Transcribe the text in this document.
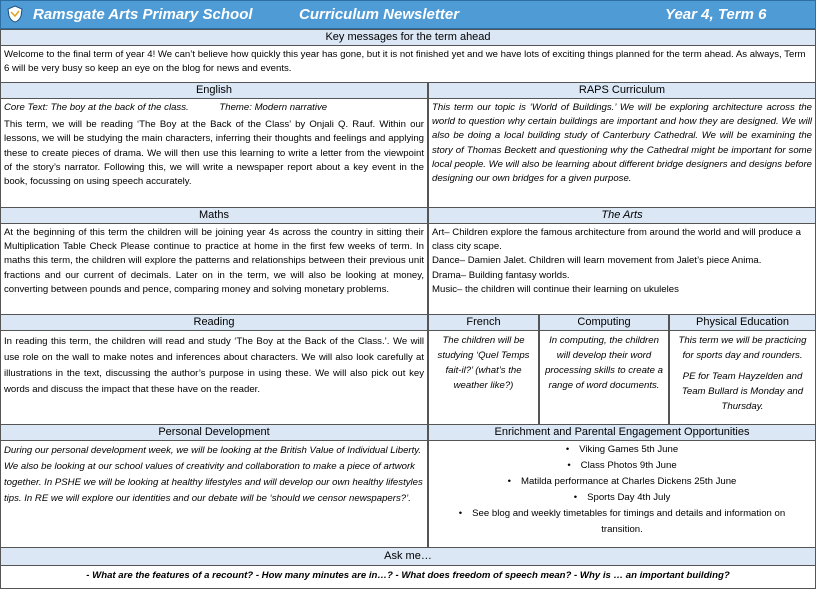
Ramsgate Arts Primary School	Curriculum Newsletter	Year 4, Term 6
Key messages for the term ahead
Welcome to the final term of year 4! We can’t believe how quickly this year has gone, but it is not finished yet and we have lots of exciting things planned for the term ahead. As always, Term 6 will be very busy so keep an eye on the blog for news and events.
English
Core Text: The boy at the back of the class.	Theme: Modern narrative
This term, we will be reading ‘The Boy at the Back of the Class’ by Onjali Q. Rauf. Within our lessons, we will be studying the main characters, inferring their thoughts and feelings and applying these to create pieces of drama. We will then use this learning to write a letter from the viewpoint of the story’s narrator. Following this, we will write a newspaper report about a key event in the book, focussing on using speech accurately.
RAPS Curriculum
This term our topic is ‘World of Buildings.’ We will be exploring architecture across the world to question why certain buildings are important and how they are designed. We will also be doing a local building study of Canterbury Cathedral. We will be examining the story of Thomas Beckett and questioning why the Cathedral might be important for some local people. We will also be learning about different bridge designers and designs before designing our own bridges for a given purpose.
Maths
At the beginning of this term the children will be joining year 4s across the country in sitting their Multiplication Table Check Please continue to practice at home in the first few weeks of term. In maths this term, the children will explore the patterns and relationships between their previous unit fractions and our current of decimals. Later on in the term, we will also be looking at money, converting between pounds and pence, comparing money and solving monetary problems.
The Arts
Art– Children explore the famous architecture from around the world and will produce a class city scape.
Dance– Damien Jalet. Children will learn movement from Jalet’s piece Anima.
Drama– Building fantasy worlds.
Music– the children will continue their learning on ukuleles
Reading
In reading this term, the children will read and study ‘The Boy at the Back of the Class.’. We will use role on the wall to make notes and inferences about characters. We will also look carefully at illustrations in the text, discussing the author’s purpose in using these. We will also pick out key words and discuss the impact that these have on the reader.
French
The children will be studying ‘Quel Temps fait-il?’ (what’s the weather like?)
Computing
In computing, the children will develop their word processing skills to create a range of word documents.
Physical Education
This term we will be practicing for sports day and rounders.
PE for Team Hayzelden and Team Bullard is Monday and Thursday.
Personal Development
During our personal development week, we will be looking at the British Value of Individual Liberty. We also be looking at our school values of creativity and collaboration to make a piece of artwork together. In PSHE we will be looking at healthy lifestyles and will develop our own healthy lifestyles tips. In RE we will explore our identities and our debate will be ‘should we censor newspapers?’.
Enrichment and Parental Engagement Opportunities
• Viking Games 5th June
• Class Photos 9th June
• Matilda performance at Charles Dickens 25th June
• Sports Day 4th July
• See blog and weekly timetables for timings and details and information on transition.
Ask me…
- What are the features of a recount? - How many minutes are in…? - What does freedom of speech mean? - Why is … an important building?
